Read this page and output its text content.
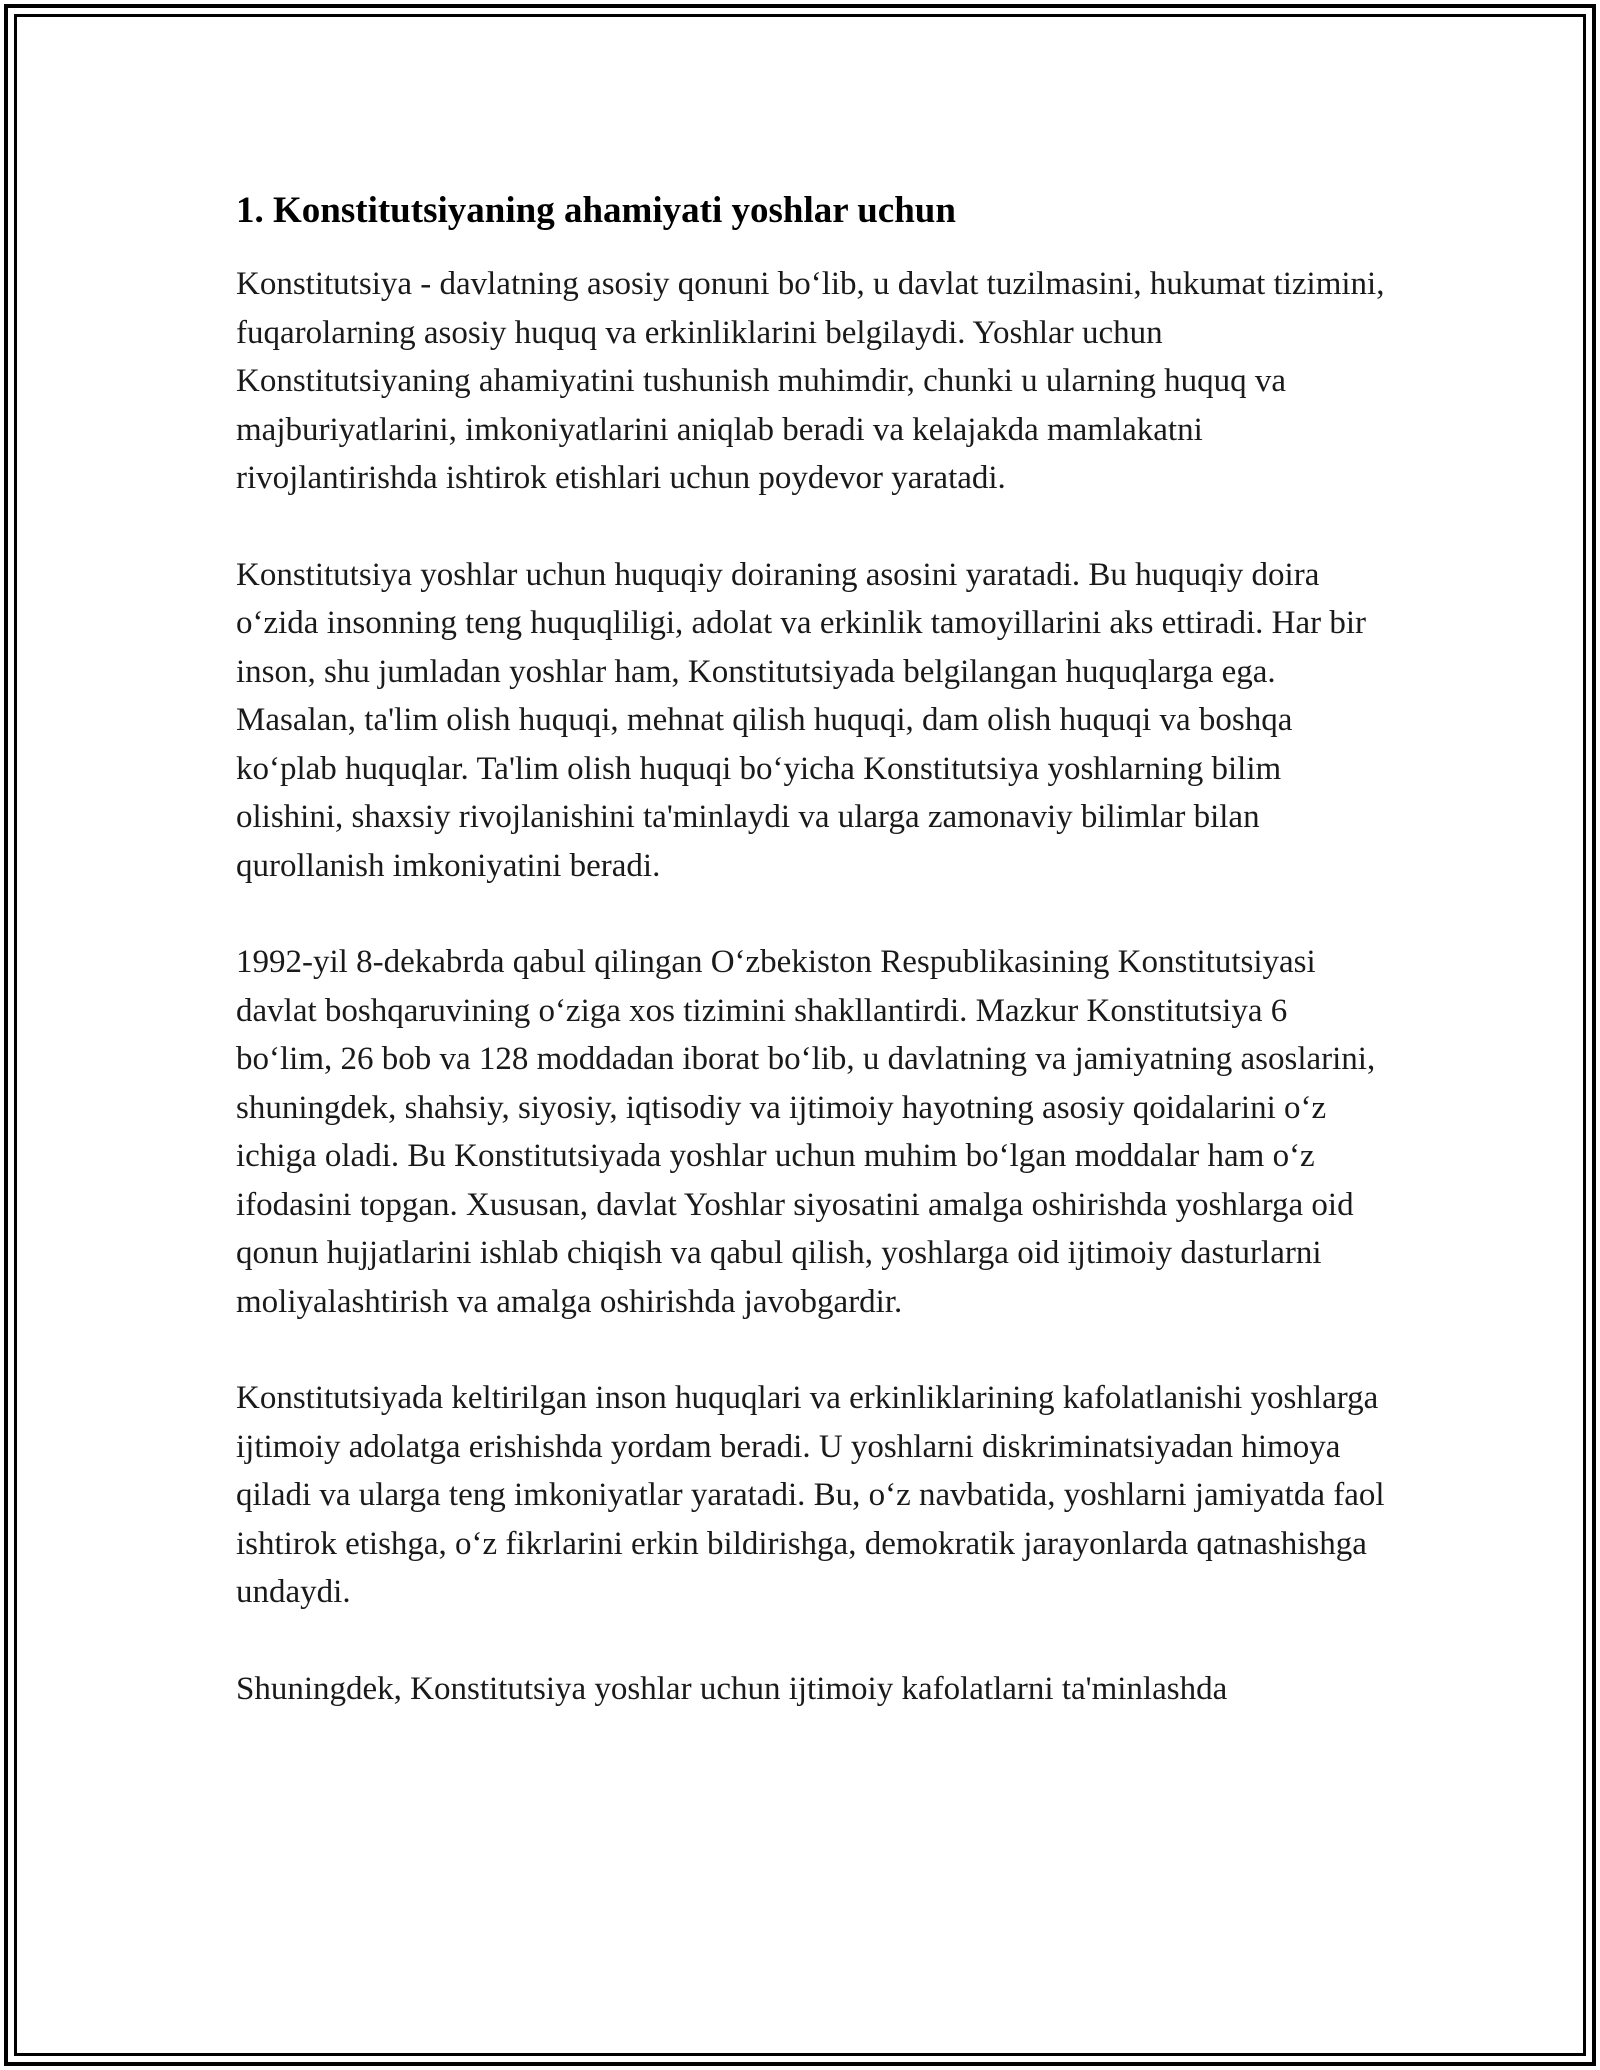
1. Konstitutsiyaning ahamiyati yoshlar uchun

Konstitutsiya - davlatning asosiy qonuni bo‘lib, u davlat tuzilmasini, hukumat tizimini, fuqarolarning asosiy huquq va erkinliklarini belgilaydi. Yoshlar uchun Konstitutsiyaning ahamiyatini tushunish muhimdir, chunki u ularning huquq va majburiyatlarini, imkoniyatlarini aniqlab beradi va kelajakda mamlakatni rivojlantirishda ishtirok etishlari uchun poydevor yaratadi.

Konstitutsiya yoshlar uchun huquqiy doiraning asosini yaratadi. Bu huquqiy doira o‘zida insonning teng huquqliligi, adolat va erkinlik tamoyillarini aks ettiradi. Har bir inson, shu jumladan yoshlar ham, Konstitutsiyada belgilangan huquqlarga ega. Masalan, ta'lim olish huquqi, mehnat qilish huquqi, dam olish huquqi va boshqa ko‘plab huquqlar. Ta'lim olish huquqi bo‘yicha Konstitutsiya yoshlarning bilim olishini, shaxsiy rivojlanishini ta'minlaydi va ularga zamonaviy bilimlar bilan qurollanish imkoniyatini beradi.

1992-yil 8-dekabrda qabul qilingan O‘zbekiston Respublikasining Konstitutsiyasi davlat boshqaruvining o‘ziga xos tizimini shakllantirdi. Mazkur Konstitutsiya 6 bo‘lim, 26 bob va 128 moddadan iborat bo‘lib, u davlatning va jamiyatning asoslarini, shuningdek, shahsiy, siyosiy, iqtisodiy va ijtimoiy hayotning asosiy qoidalarini o‘z ichiga oladi. Bu Konstitutsiyada yoshlar uchun muhim bo‘lgan moddalar ham o‘z ifodasini topgan. Xususan, davlat Yoshlar siyosatini amalga oshirishda yoshlarga oid qonun hujjatlarini ishlab chiqish va qabul qilish, yoshlarga oid ijtimoiy dasturlarni moliyalashtirish va amalga oshirishda javobgardir.

Konstitutsiyada keltirilgan inson huquqlari va erkinliklarining kafolatlanishi yoshlarga ijtimoiy adolatga erishishda yordam beradi. U yoshlarni diskriminatsiyadan himoya qiladi va ularga teng imkoniyatlar yaratadi. Bu, o‘z navbatida, yoshlarni jamiyatda faol ishtirok etishga, o‘z fikrlarini erkin bildirishga, demokratik jarayonlarda qatnashishga undaydi.

Shuningdek, Konstitutsiya yoshlar uchun ijtimoiy kafolatlarni ta'minlashda
